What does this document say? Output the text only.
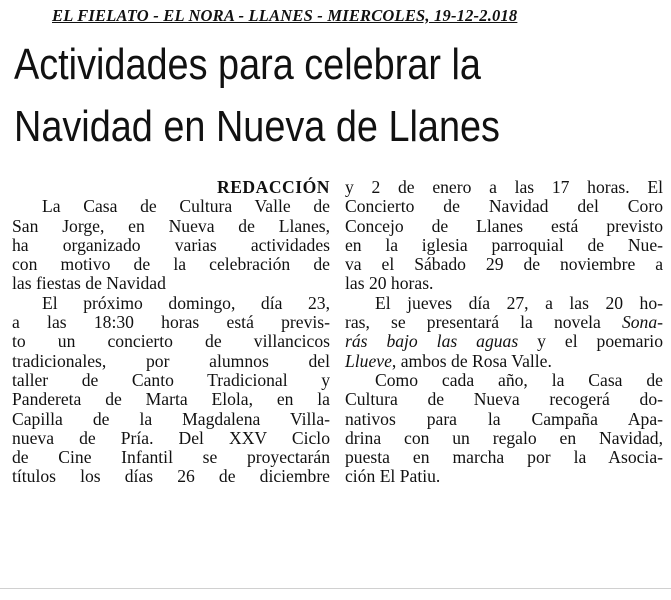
EL FIELATO - EL NORA - LLANES - MIERCOLES, 19-12-2.018
Actividades para celebrar la
Navidad en Nueva de Llanes
REDACCIÓN
La Casa de Cultura Valle de
San Jorge, en Nueva de Llanes,
ha organizado varias actividades
con motivo de la celebración de
las fiestas de Navidad
El próximo domingo, día 23,
a las 18:30 horas está previs-
to un concierto de villancicos
tradicionales, por alumnos del
taller de Canto Tradicional y
Pandereta de Marta Elola, en la
Capilla de la Magdalena Villa-
nueva de Pría. Del XXV Ciclo
de Cine Infantil se proyectarán
títulos los días 26 de diciembre
y 2 de enero a las 17 horas. El
Concierto de Navidad del Coro
Concejo de Llanes está previsto
en la iglesia parroquial de Nue-
va el Sábado 29 de noviembre a
las 20 horas.
El jueves día 27, a las 20 ho-
ras, se presentará la novela Sona-
rás bajo las aguas y el poemario
Llueve, ambos de Rosa Valle.
Como cada año, la Casa de
Cultura de Nueva recogerá do-
nativos para la Campaña Apa-
drina con un regalo en Navidad,
puesta en marcha por la Asocia-
ción El Patiu.
